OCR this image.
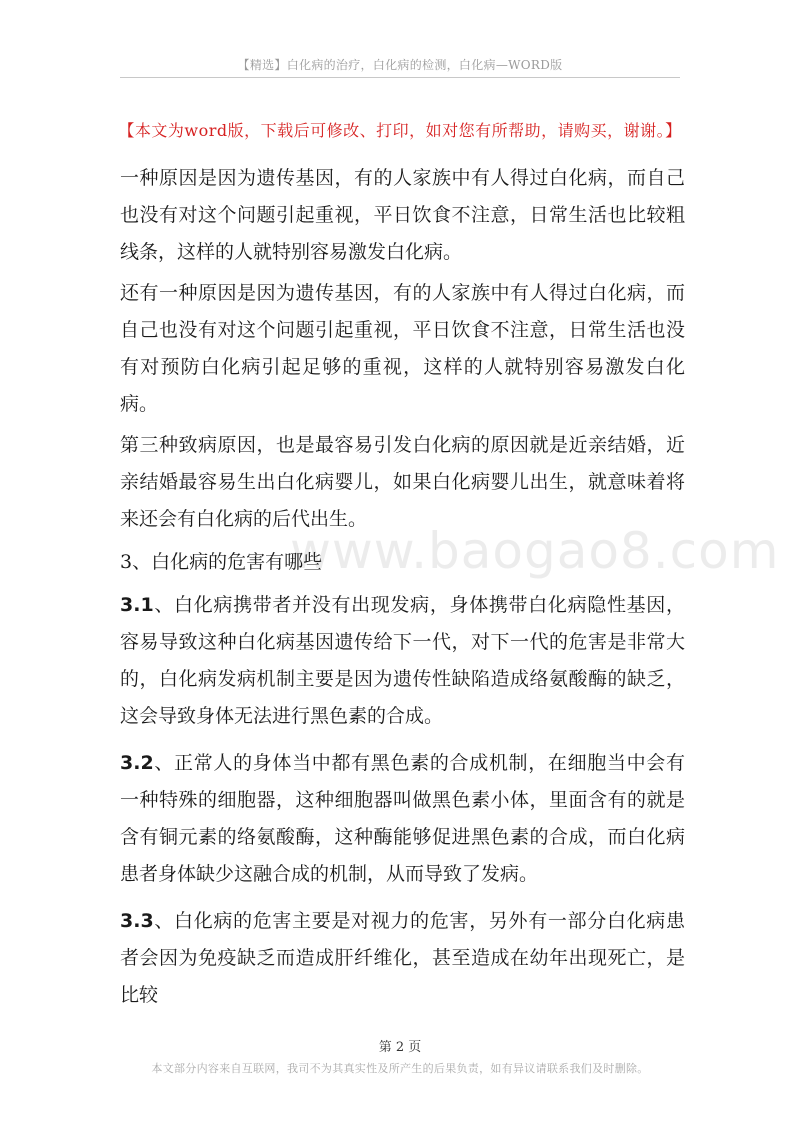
【精选】白化病的治疗，白化病的检测，白化病—WORD版
【本文为word版，下载后可修改、打印，如对您有所帮助，请购买，谢谢。】
www.baogao8.com

一种原因是因为遗传基因，有的人家族中有人得过白化病，而自己也没有对这个问题引起重视，平日饮食不注意，日常生活也比较粗线条，这样的人就特别容易激发白化病。

还有一种原因是因为遗传基因，有的人家族中有人得过白化病，而自己也没有对这个问题引起重视，平日饮食不注意，日常生活也没有对预防白化病引起足够的重视，这样的人就特别容易激发白化病。

第三种致病原因，也是最容易引发白化病的原因就是近亲结婚，近亲结婚最容易生出白化病婴儿，如果白化病婴儿出生，就意味着将来还会有白化病的后代出生。

3、白化病的危害有哪些

3.1、白化病携带者并没有出现发病，身体携带白化病隐性基因，容易导致这种白化病基因遗传给下一代，对下一代的危害是非常大的，白化病发病机制主要是因为遗传性缺陷造成络氨酸酶的缺乏，这会导致身体无法进行黑色素的合成。

3.2、正常人的身体当中都有黑色素的合成机制，在细胞当中会有一种特殊的细胞器，这种细胞器叫做黑色素小体，里面含有的就是含有铜元素的络氨酸酶，这种酶能够促进黑色素的合成，而白化病患者身体缺少这融合成的机制，从而导致了发病。

3.3、白化病的危害主要是对视力的危害，另外有一部分白化病患者会因为免疫缺乏而造成肝纤维化，甚至造成在幼年出现死亡，是比较

第 2 页
本文部分内容来自互联网，我司不为其真实性及所产生的后果负责，如有异议请联系我们及时删除。
